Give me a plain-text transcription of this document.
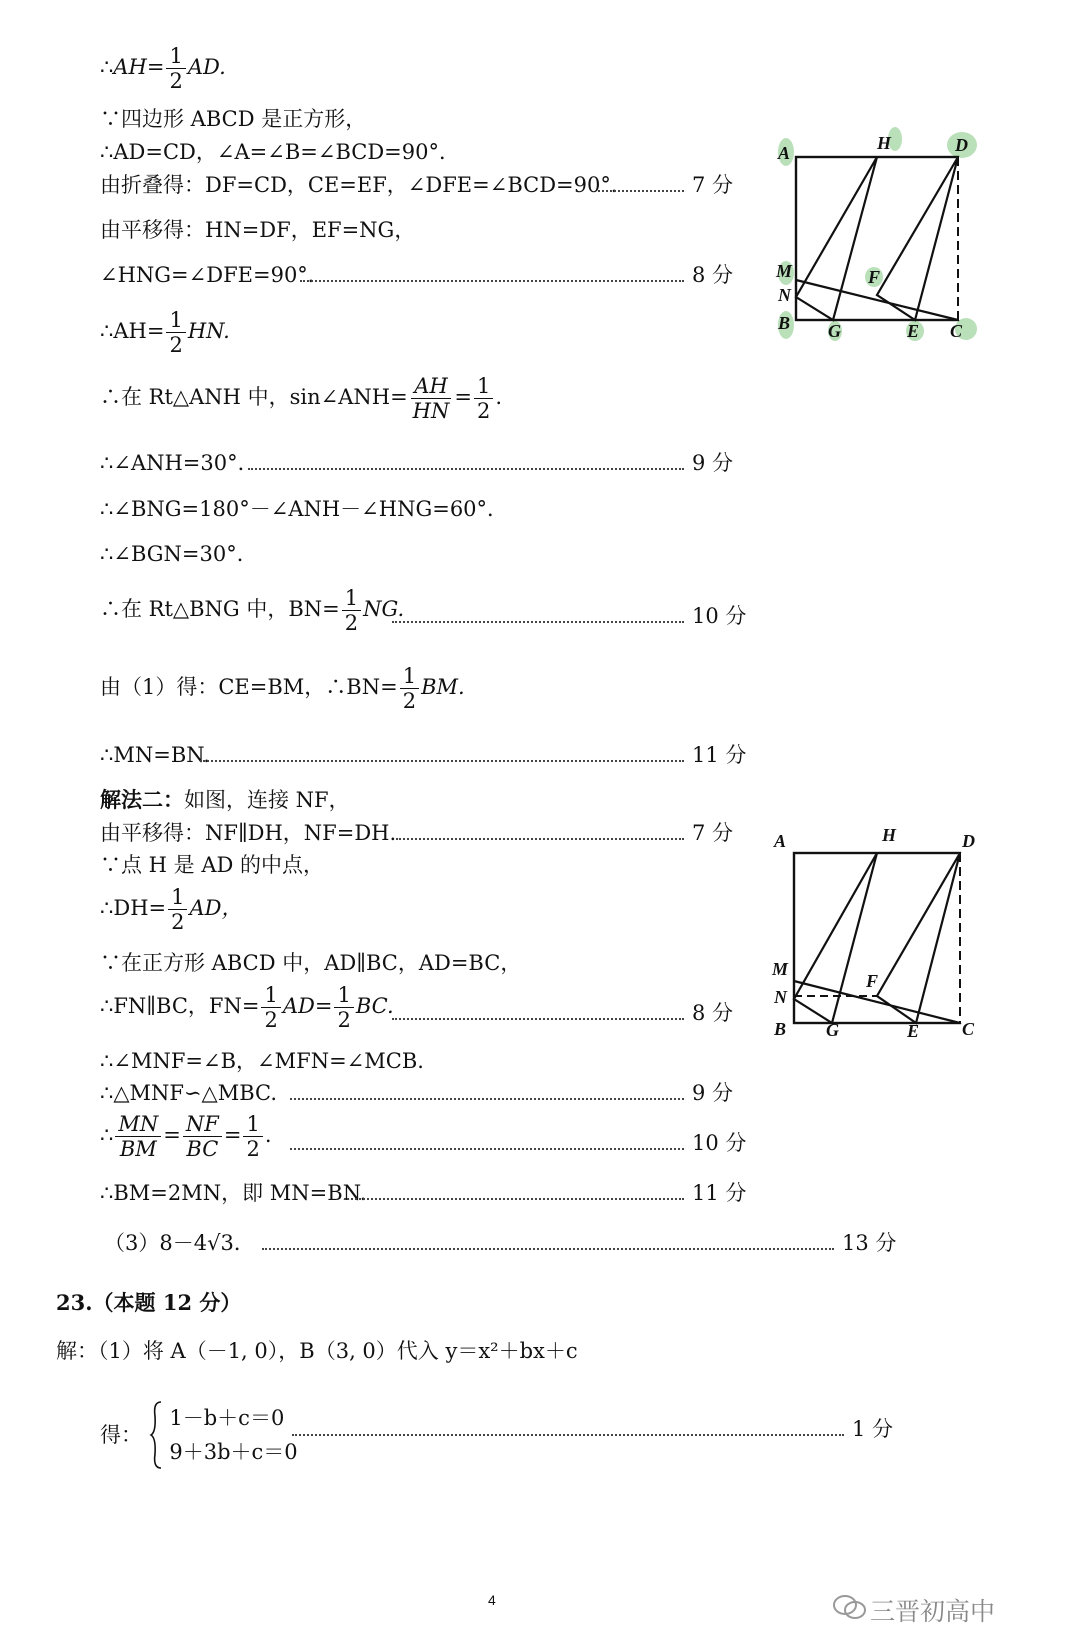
∴AH= $\frac{1}{2}$ AD.
∵四边形 ABCD 是正方形，
∴AD=CD，∠A=∠B=∠BCD=90°．
由折叠得：DF=CD，CE=EF，∠DFE=∠BCD=90°．	7 分
由平移得：HN=DF，EF=NG，
∠HNG=∠DFE=90°．	8 分
∴AH= $\frac{1}{2}$ HN.
∴在 Rt△ANH 中，sin∠ANH= $\frac{AH}{HN} = \frac{1}{2}$ .
∴∠ANH=30°．	9 分
∴∠BNG=180°－∠ANH－∠HNG=60°．
∴∠BGN=30°．
∴在 Rt△BNG 中，$BN= \frac{1}{2}$ NG.	10 分
由（1）得：CE=BM，∴BN= $\frac{1}{2}$ BM.
∴MN=BN.	11 分
解法二：如图，连接 NF，
由平移得：NF∥DH，NF=DH.	7 分
∵点 H 是 AD 的中点，
∴DH= $\frac{1}{2}$ AD，
∵在正方形 ABCD 中，AD∥BC，AD=BC，
∴FN∥BC，$FN= \frac{1}{2} AD= \frac{1}{2}$ BC.	8 分
∴∠MNF=∠B，∠MFN=∠MCB.
∴△MNF∽△MBC.	9 分
∴ $\frac{MN}{BM} = \frac{NF}{BC} = \frac{1}{2}$ .	10 分
∴BM=2MN，即 MN=BN.	11 分
（3）8－4√3．	13 分
23.（本题 12 分）
解：（1）将 A（－1, 0），B（3, 0）代入 y＝x²＋bx＋c
得：
1－b＋c＝0
9＋3b＋c＝0
1 分
A	H	D
M
N
F
B G	E C
A	H	D
M
N
F
B G	E C
4	三晋初高中
